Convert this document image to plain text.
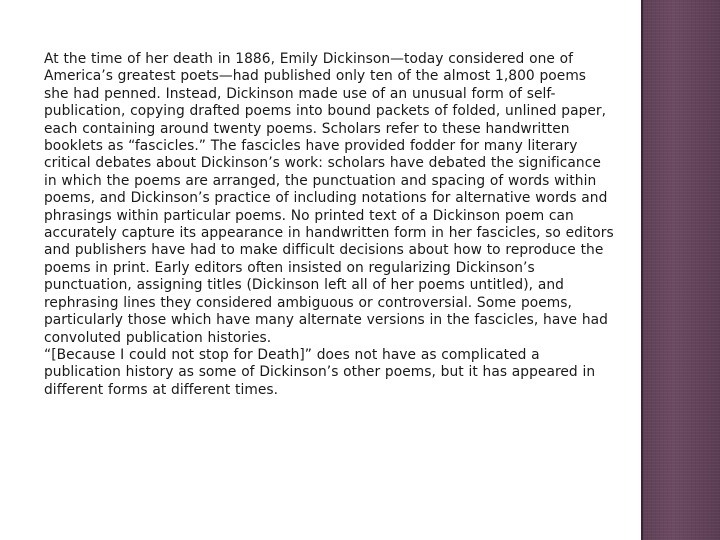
At the time of her death in 1886, Emily Dickinson—today considered one of America’s greatest poets—had published only ten of the almost 1,800 poems she had penned. Instead, Dickinson made use of an unusual form of self-publication, copying drafted poems into bound packets of folded, unlined paper, each containing around twenty poems. Scholars refer to these handwritten booklets as “fascicles.” The fascicles have provided fodder for many literary critical debates about Dickinson’s work: scholars have debated the significance in which the poems are arranged, the punctuation and spacing of words within poems, and Dickinson’s practice of including notations for alternative words and phrasings within particular poems. No printed text of a Dickinson poem can accurately capture its appearance in handwritten form in her fascicles, so editors and publishers have had to make difficult decisions about how to reproduce the poems in print. Early editors often insisted on regularizing Dickinson’s punctuation, assigning titles (Dickinson left all of her poems untitled), and rephrasing lines they considered ambiguous or controversial. Some poems, particularly those which have many alternate versions in the fascicles, have had convoluted publication histories.

“[Because I could not stop for Death]” does not have as complicated a publication history as some of Dickinson’s other poems, but it has appeared in different forms at different times.
